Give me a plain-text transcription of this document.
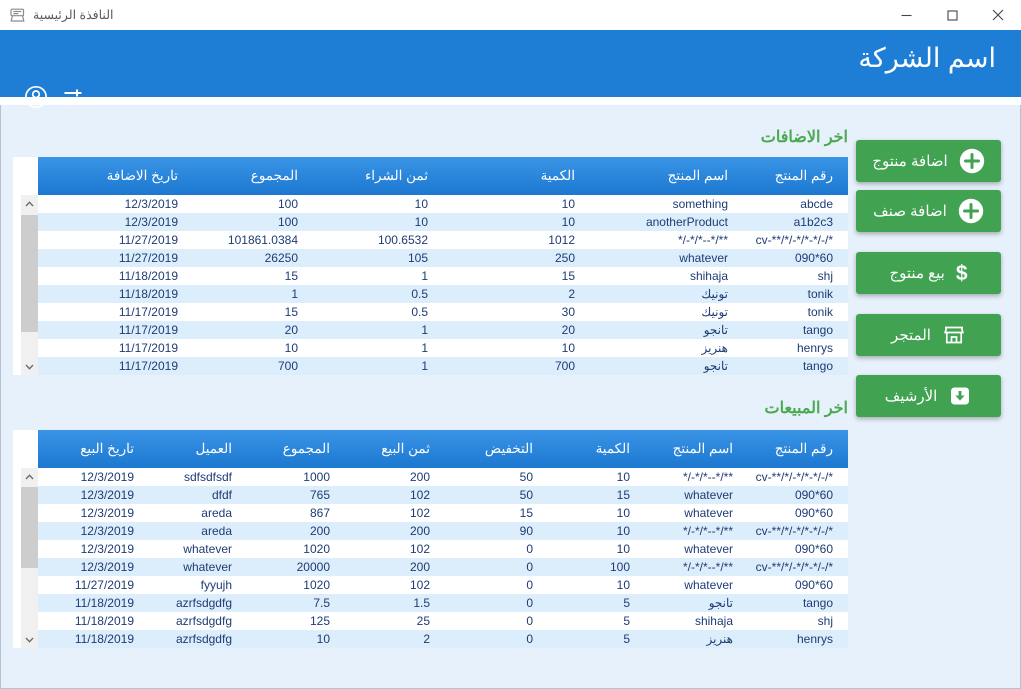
النافذة الرئيسية
اسم الشركة
اخر الاضافات
رقم المنتج
اسم المنتج
الكمية
ثمن الشراء
المجموع
تاريخ الاضافة
abcde
something
10
10
100
12/3/2019
a1b2c3
anotherProduct
10
10
100
12/3/2019
cv-**/*/-*/*-*/-/*
*/-*/*--*/**
1012
100.6532
101861.0384
11/27/2019
090*60
whatever
250
105
26250
11/27/2019
shj
shihaja
15
1
15
11/18/2019
tonik
تونيك
2
0.5
1
11/18/2019
tonik
تونيك
30
0.5
15
11/17/2019
tango
تانجو
20
1
20
11/17/2019
henrys
هنريز
10
1
10
11/17/2019
tango
تانجو
700
1
700
11/17/2019
اخر المبيعات
رقم المنتج
اسم المنتج
الكمية
التخفيض
ثمن البيع
المجموع
العميل
تاريخ البيع
cv-**/*/-*/*-*/-/*
*/-*/*--*/**
10
50
200
1000
sdfsdfsdf
12/3/2019
090*60
whatever
15
50
102
765
dfdf
12/3/2019
090*60
whatever
10
15
102
867
areda
12/3/2019
cv-**/*/-*/*-*/-/*
*/-*/*--*/**
10
90
200
200
areda
12/3/2019
090*60
whatever
10
0
102
1020
whatever
12/3/2019
cv-**/*/-*/*-*/-/*
*/-*/*--*/**
100
0
200
20000
whatever
12/3/2019
090*60
whatever
10
0
102
1020
fyyujh
11/27/2019
tango
تانجو
5
0
1.5
7.5
azrfsdgdfg
11/18/2019
shj
shihaja
5
0
25
125
azrfsdgdfg
11/18/2019
henrys
هنريز
5
0
2
10
azrfsdgdfg
11/18/2019
اضافة منتوج
اضافة صنف
$
بيع منتوج
المتجر
الأرشيف
